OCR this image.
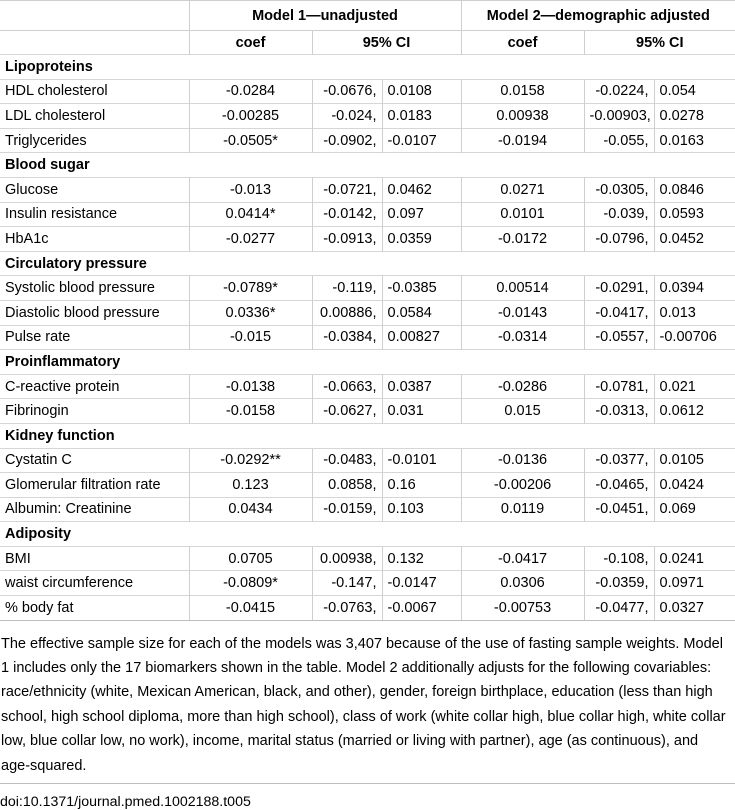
	Model 1—unadjusted			Model 2—demographic adjusted		
	coef	95% CI		coef	95% CI	
Lipoproteins						
HDL cholesterol	-0.0284	-0.0676,	0.0108	0.0158	-0.0224,	0.054
LDL cholesterol	-0.00285	-0.024,	0.0183	0.00938	-0.00903,	0.0278
Triglycerides	-0.0505*	-0.0902,	-0.0107	-0.0194	-0.055,	0.0163
Blood sugar						
Glucose	-0.013	-0.0721,	0.0462	0.0271	-0.0305,	0.0846
Insulin resistance	0.0414*	-0.0142,	0.097	0.0101	-0.039,	0.0593
HbA1c	-0.0277	-0.0913,	0.0359	-0.0172	-0.0796,	0.0452
Circulatory pressure						
Systolic blood pressure	-0.0789*	-0.119,	-0.0385	0.00514	-0.0291,	0.0394
Diastolic blood pressure	0.0336*	0.00886,	0.0584	-0.0143	-0.0417,	0.013
Pulse rate	-0.015	-0.0384,	0.00827	-0.0314	-0.0557,	-0.00706
Proinflammatory						
C-reactive protein	-0.0138	-0.0663,	0.0387	-0.0286	-0.0781,	0.021
Fibrinogin	-0.0158	-0.0627,	0.031	0.015	-0.0313,	0.0612
Kidney function						
Cystatin C	-0.0292**	-0.0483,	-0.0101	-0.0136	-0.0377,	0.0105
Glomerular filtration rate	0.123	0.0858,	0.16	-0.00206	-0.0465,	0.0424
Albumin: Creatinine	0.0434	-0.0159,	0.103	0.0119	-0.0451,	0.069
Adiposity						
BMI	0.0705	0.00938,	0.132	-0.0417	-0.108,	0.0241
waist circumference	-0.0809*	-0.147,	-0.0147	0.0306	-0.0359,	0.0971
% body fat	-0.0415	-0.0763,	-0.0067	-0.00753	-0.0477,	0.0327
The effective sample size for each of the models was 3,407 because of the use of fasting sample weights. Model 1 includes only the 17 biomarkers shown in the table. Model 2 additionally adjusts for the following covariables: race/ethnicity (white, Mexican American, black, and other), gender, foreign birthplace, education (less than high school, high school diploma, more than high school), class of work (white collar high, blue collar high, white collar low, blue collar low, no work), income, marital status (married or living with partner), age (as continuous), and age-squared.
doi:10.1371/journal.pmed.1002188.t005
